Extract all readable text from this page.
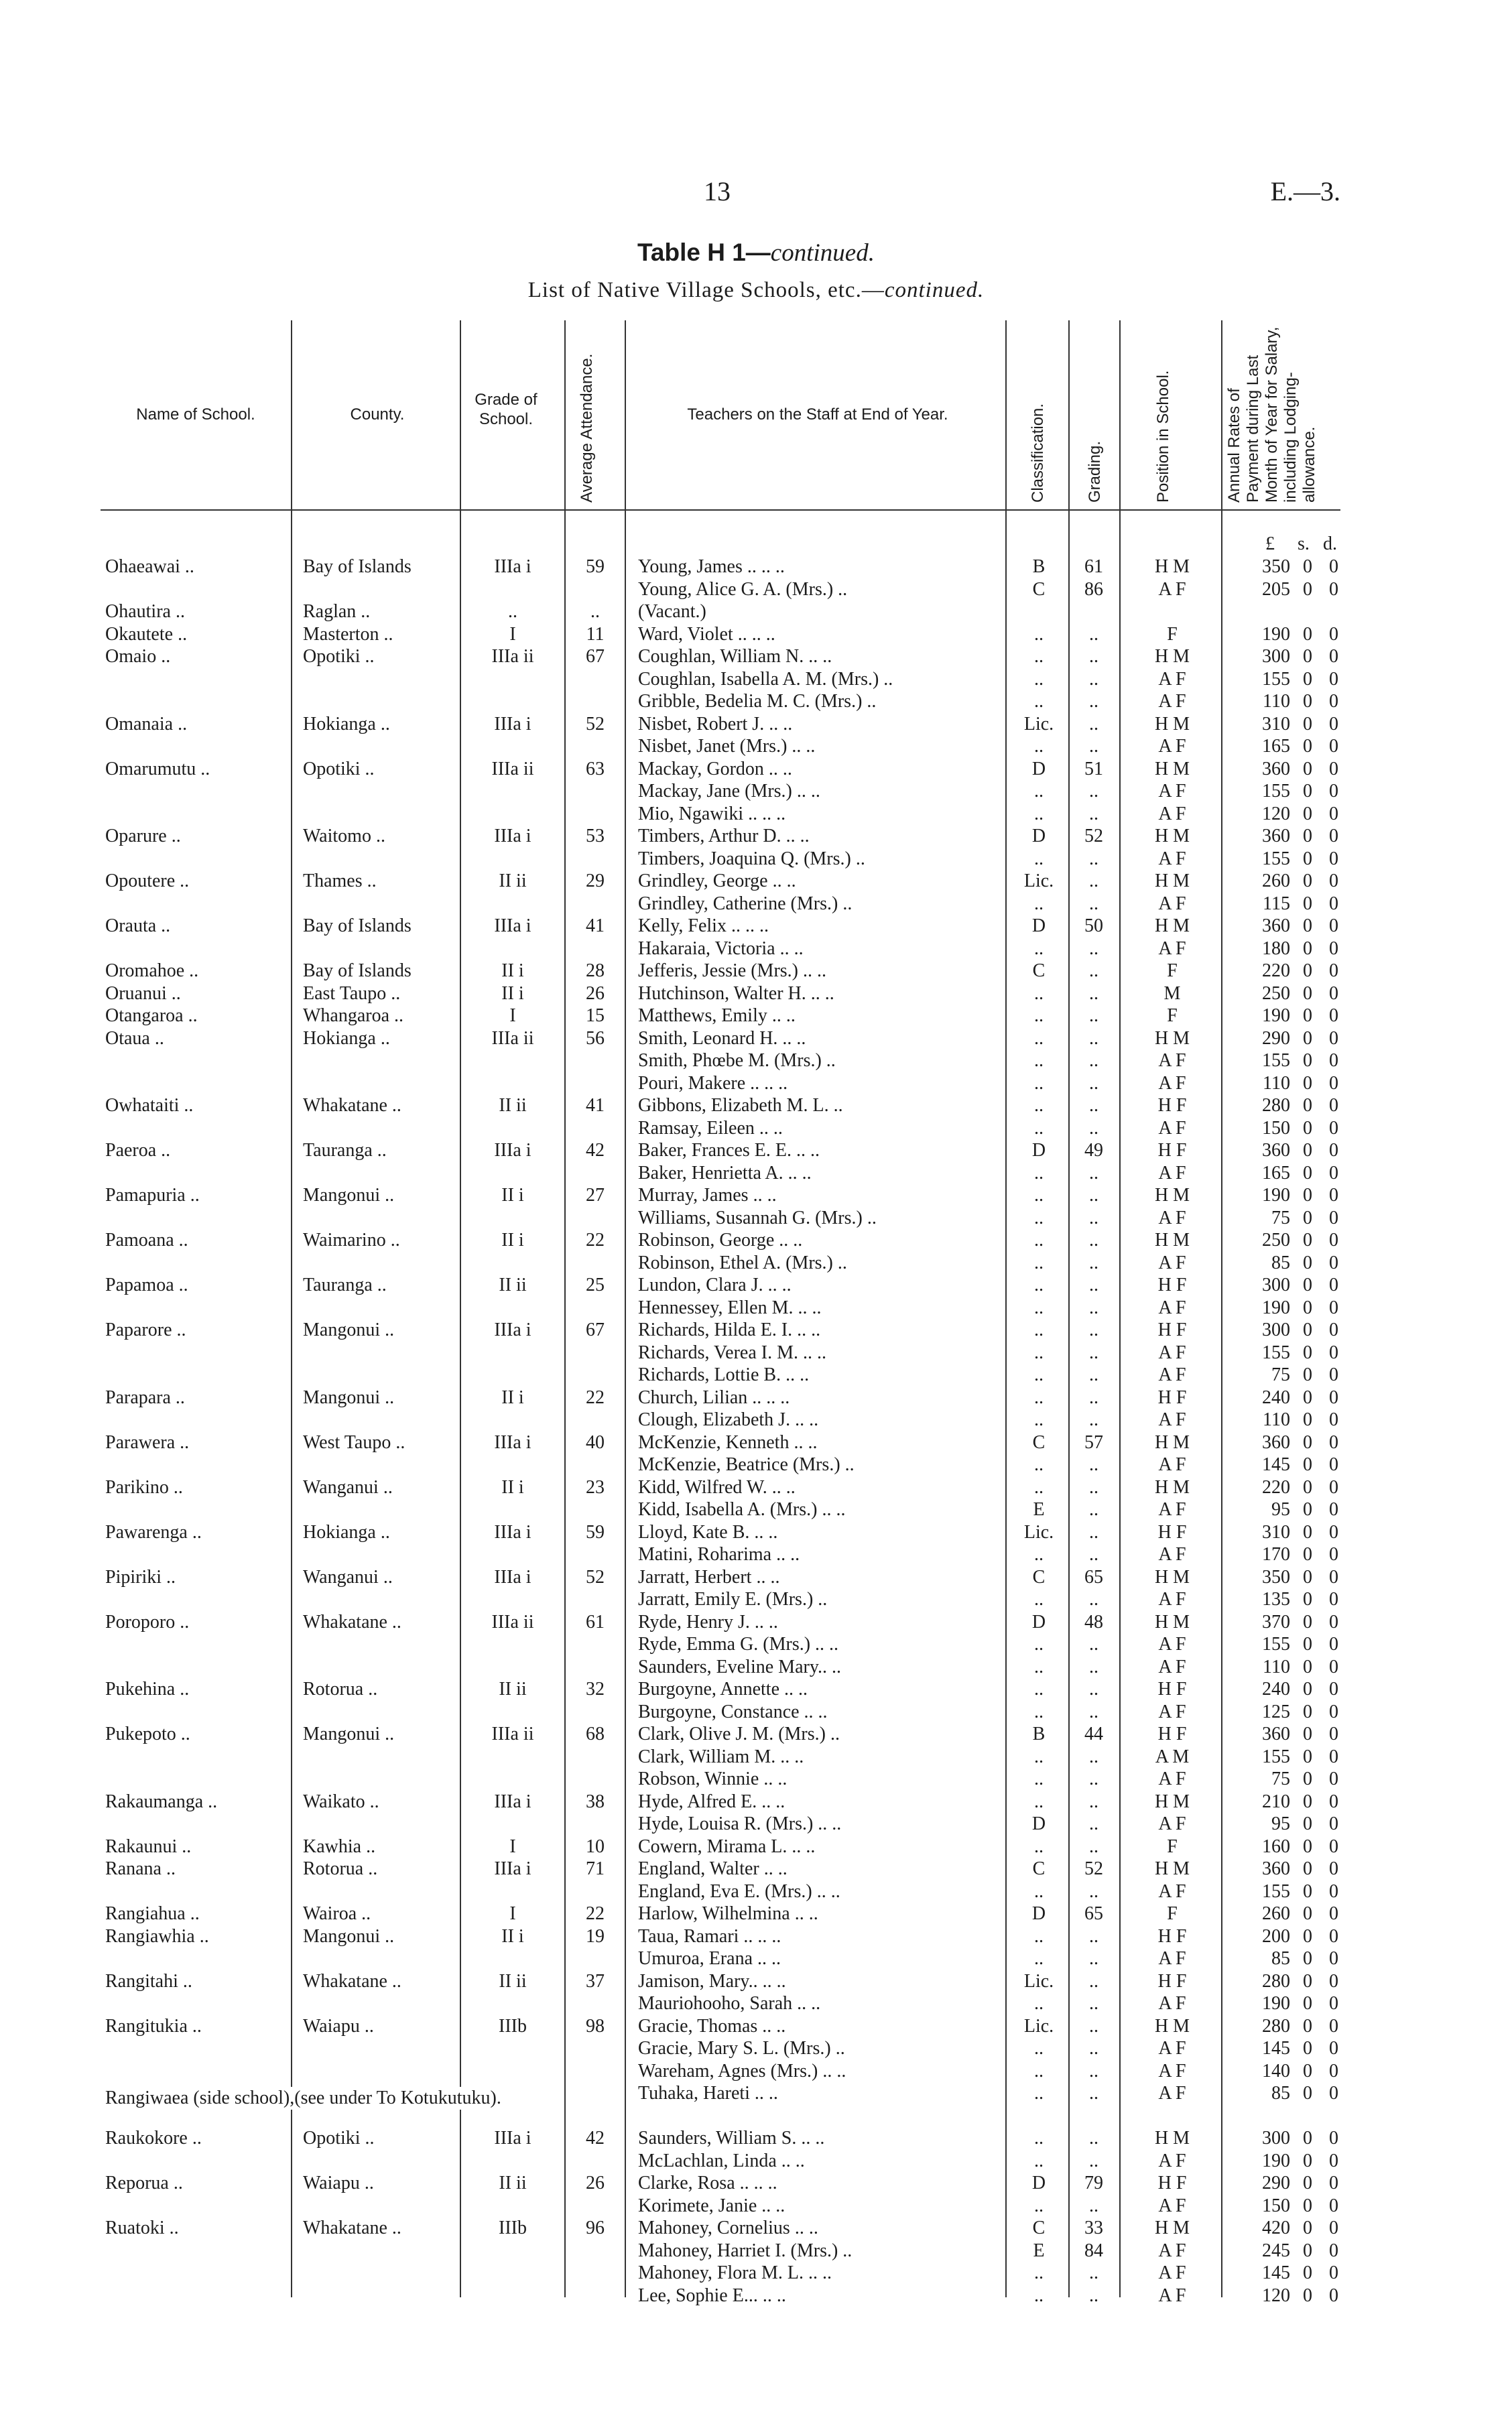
13	E.—3.
Table H 1—continued.
List of Native Village Schools, etc.—continued.
Name of School.	County.
Grade of School.	Average Attendance.	Teachers on the Staff at End of Year.	Classification. Grading.	Position in School.	Annual Rates of Payment during Last Month of Year for Salary, including Lodging-allowance.
£ s. d.
Ohaeawai ..	Bay of Islands	IIIa i	59	Young, James .. .. ..	B	61	H M	350 0 0
Young, Alice G. A. (Mrs.) ..	C	86	A F	205 0 0
Ohautira ..	Raglan ..	..	..	(Vacant.)
Okautete ..	Masterton ..	I	11	Ward, Violet .. .. ..	..	..	F	190 0 0
Omaio ..	Opotiki ..	IIIa ii	67	Coughlan, William N. .. ..	..	..	H M	300 0 0
Coughlan, Isabella A. M. (Mrs.) ..	..	..	A F	155 0 0
Gribble, Bedelia M. C. (Mrs.) ..	..	..	A F	110 0 0
Omanaia ..	Hokianga ..	IIIa i	52	Nisbet, Robert J. .. ..	Lic.	..	H M	310 0 0
Nisbet, Janet (Mrs.) .. ..	..	..	A F	165 0 0
Omarumutu ..	Opotiki ..	IIIa ii	63	Mackay, Gordon .. ..	D	51	H M	360 0 0
Mackay, Jane (Mrs.) .. ..	..	..	A F	155 0 0
Mio, Ngawiki .. .. ..	..	..	A F	120 0 0
Oparure ..	Waitomo ..	IIIa i	53	Timbers, Arthur D. .. ..	D	52	H M	360 0 0
Timbers, Joaquina Q. (Mrs.) ..	..	..	A F	155 0 0
Opoutere ..	Thames ..	II ii	29	Grindley, George .. ..	Lic.	..	H M	260 0 0
Grindley, Catherine (Mrs.) ..	..	..	A F	115 0 0
Orauta ..	Bay of Islands	IIIa i	41	Kelly, Felix .. .. ..	D	50	H M	360 0 0
Hakaraia, Victoria .. ..	..	..	A F	180 0 0
Oromahoe ..	Bay of Islands	II i	28	Jefferis, Jessie (Mrs.) .. ..	C	..	F	220 0 0
Oruanui ..	East Taupo ..	II i	26	Hutchinson, Walter H. .. ..	..	..	M	250 0 0
Otangaroa ..	Whangaroa ..	I	15	Matthews, Emily .. ..	..	..	F	190 0 0
Otaua ..	Hokianga ..	IIIa ii	56	Smith, Leonard H. .. ..	..	..	H M	290 0 0
Smith, Phœbe M. (Mrs.) ..	..	..	A F	155 0 0
Pouri, Makere .. .. ..	..	..	A F	110 0 0
Owhataiti ..	Whakatane ..	II ii	41	Gibbons, Elizabeth M. L. ..	..	..	H F	280 0 0
Ramsay, Eileen .. ..	..	..	A F	150 0 0
Paeroa ..	Tauranga ..	IIIa i	42	Baker, Frances E. E. .. ..	D	49	H F	360 0 0
Baker, Henrietta A. .. ..	..	..	A F	165 0 0
Pamapuria ..	Mangonui ..	II i	27	Murray, James .. ..	..	..	H M	190 0 0
Williams, Susannah G. (Mrs.) ..	..	..	A F	75 0 0
Pamoana ..	Waimarino ..	II i	22	Robinson, George .. ..	..	..	H M	250 0 0
Robinson, Ethel A. (Mrs.) ..	..	..	A F	85 0 0
Papamoa ..	Tauranga ..	II ii	25	Lundon, Clara J. .. ..	..	..	H F	300 0 0
Hennessey, Ellen M. .. ..	..	..	A F	190 0 0
Paparore ..	Mangonui ..	IIIa i	67	Richards, Hilda E. I. .. ..	..	..	H F	300 0 0
Richards, Verea I. M. .. ..	..	..	A F	155 0 0
Richards, Lottie B. .. ..	..	..	A F	75 0 0
Parapara ..	Mangonui ..	II i	22	Church, Lilian .. .. ..	..	..	H F	240 0 0
Clough, Elizabeth J. .. ..	..	..	A F	110 0 0
Parawera ..	West Taupo ..	IIIa i	40	McKenzie, Kenneth .. ..	C	57	H M	360 0 0
McKenzie, Beatrice (Mrs.) ..	..	..	A F	145 0 0
Parikino ..	Wanganui ..	II i	23	Kidd, Wilfred W. .. ..	..	..	H M	220 0 0
Kidd, Isabella A. (Mrs.) .. ..	E	..	A F	95 0 0
Pawarenga ..	Hokianga ..	IIIa i	59	Lloyd, Kate B. .. ..	Lic.	..	H F	310 0 0
Matini, Roharima .. ..	..	..	A F	170 0 0
Pipiriki ..	Wanganui ..	IIIa i	52	Jarratt, Herbert .. ..	C	65	H M	350 0 0
Jarratt, Emily E. (Mrs.) ..	..	..	A F	135 0 0
Poroporo ..	Whakatane ..	IIIa ii	61	Ryde, Henry J. .. ..	D	48	H M	370 0 0
Ryde, Emma G. (Mrs.) .. ..	..	..	A F	155 0 0
Saunders, Eveline Mary.. ..	..	..	A F	110 0 0
Pukehina ..	Rotorua ..	II ii	32	Burgoyne, Annette .. ..	..	..	H F	240 0 0
Burgoyne, Constance .. ..	..	..	A F	125 0 0
Pukepoto ..	Mangonui ..	IIIa ii	68	Clark, Olive J. M. (Mrs.) ..	B	44	H F	360 0 0
Clark, William M. .. ..	..	..	A M	155 0 0
Robson, Winnie .. ..	..	..	A F	75 0 0
Rakaumanga ..	Waikato ..	IIIa i	38	Hyde, Alfred E. .. ..	..	..	H M	210 0 0
Hyde, Louisa R. (Mrs.) .. ..	D	..	A F	95 0 0
Rakaunui ..	Kawhia ..	I	10	Cowern, Mirama L. .. ..	..	..	F	160 0 0
Ranana ..	Rotorua ..	IIIa i	71	England, Walter .. ..	C	52	H M	360 0 0
England, Eva E. (Mrs.) .. ..	..	..	A F	155 0 0
Rangiahua ..	Wairoa ..	I	22	Harlow, Wilhelmina .. ..	D	65	F	260 0 0
Rangiawhia ..	Mangonui ..	II i	19	Taua, Ramari .. .. ..	..	..	H F	200 0 0
Umuroa, Erana .. ..	..	..	A F	85 0 0
Rangitahi ..	Whakatane ..	II ii	37	Jamison, Mary.. .. ..	Lic.	..	H F	280 0 0
Mauriohooho, Sarah .. ..	..	..	A F	190 0 0
Rangitukia ..	Waiapu ..	IIIb	98	Gracie, Thomas .. ..	Lic.	..	H M	280 0 0
Gracie, Mary S. L. (Mrs.) ..	..	..	A F	145 0 0
Wareham, Agnes (Mrs.) .. ..	..	..	A F	140 0 0
Tuhaka, Hareti .. ..	..	..	A F	85 0 0
Raukokore ..	Opotiki ..	IIIa i	42	Saunders, William S. .. ..	..	..	H M	300 0 0
McLachlan, Linda .. ..	..	..	A F	190 0 0
Reporua ..	Waiapu ..	II ii	26	Clarke, Rosa .. .. ..	D	79	H F	290 0 0
Korimete, Janie .. ..	..	..	A F	150 0 0
Ruatoki ..	Whakatane ..	IIIb	96	Mahoney, Cornelius .. ..	C	33	H M	420 0 0
Mahoney, Harriet I. (Mrs.) ..	E	84	A F	245 0 0
Mahoney, Flora M. L. .. ..	..	..	A F	145 0 0
Lee, Sophie E... .. ..	..	..	A F	120 0 0
Rangiwaea (side school),(see under To Kotukutuku).
